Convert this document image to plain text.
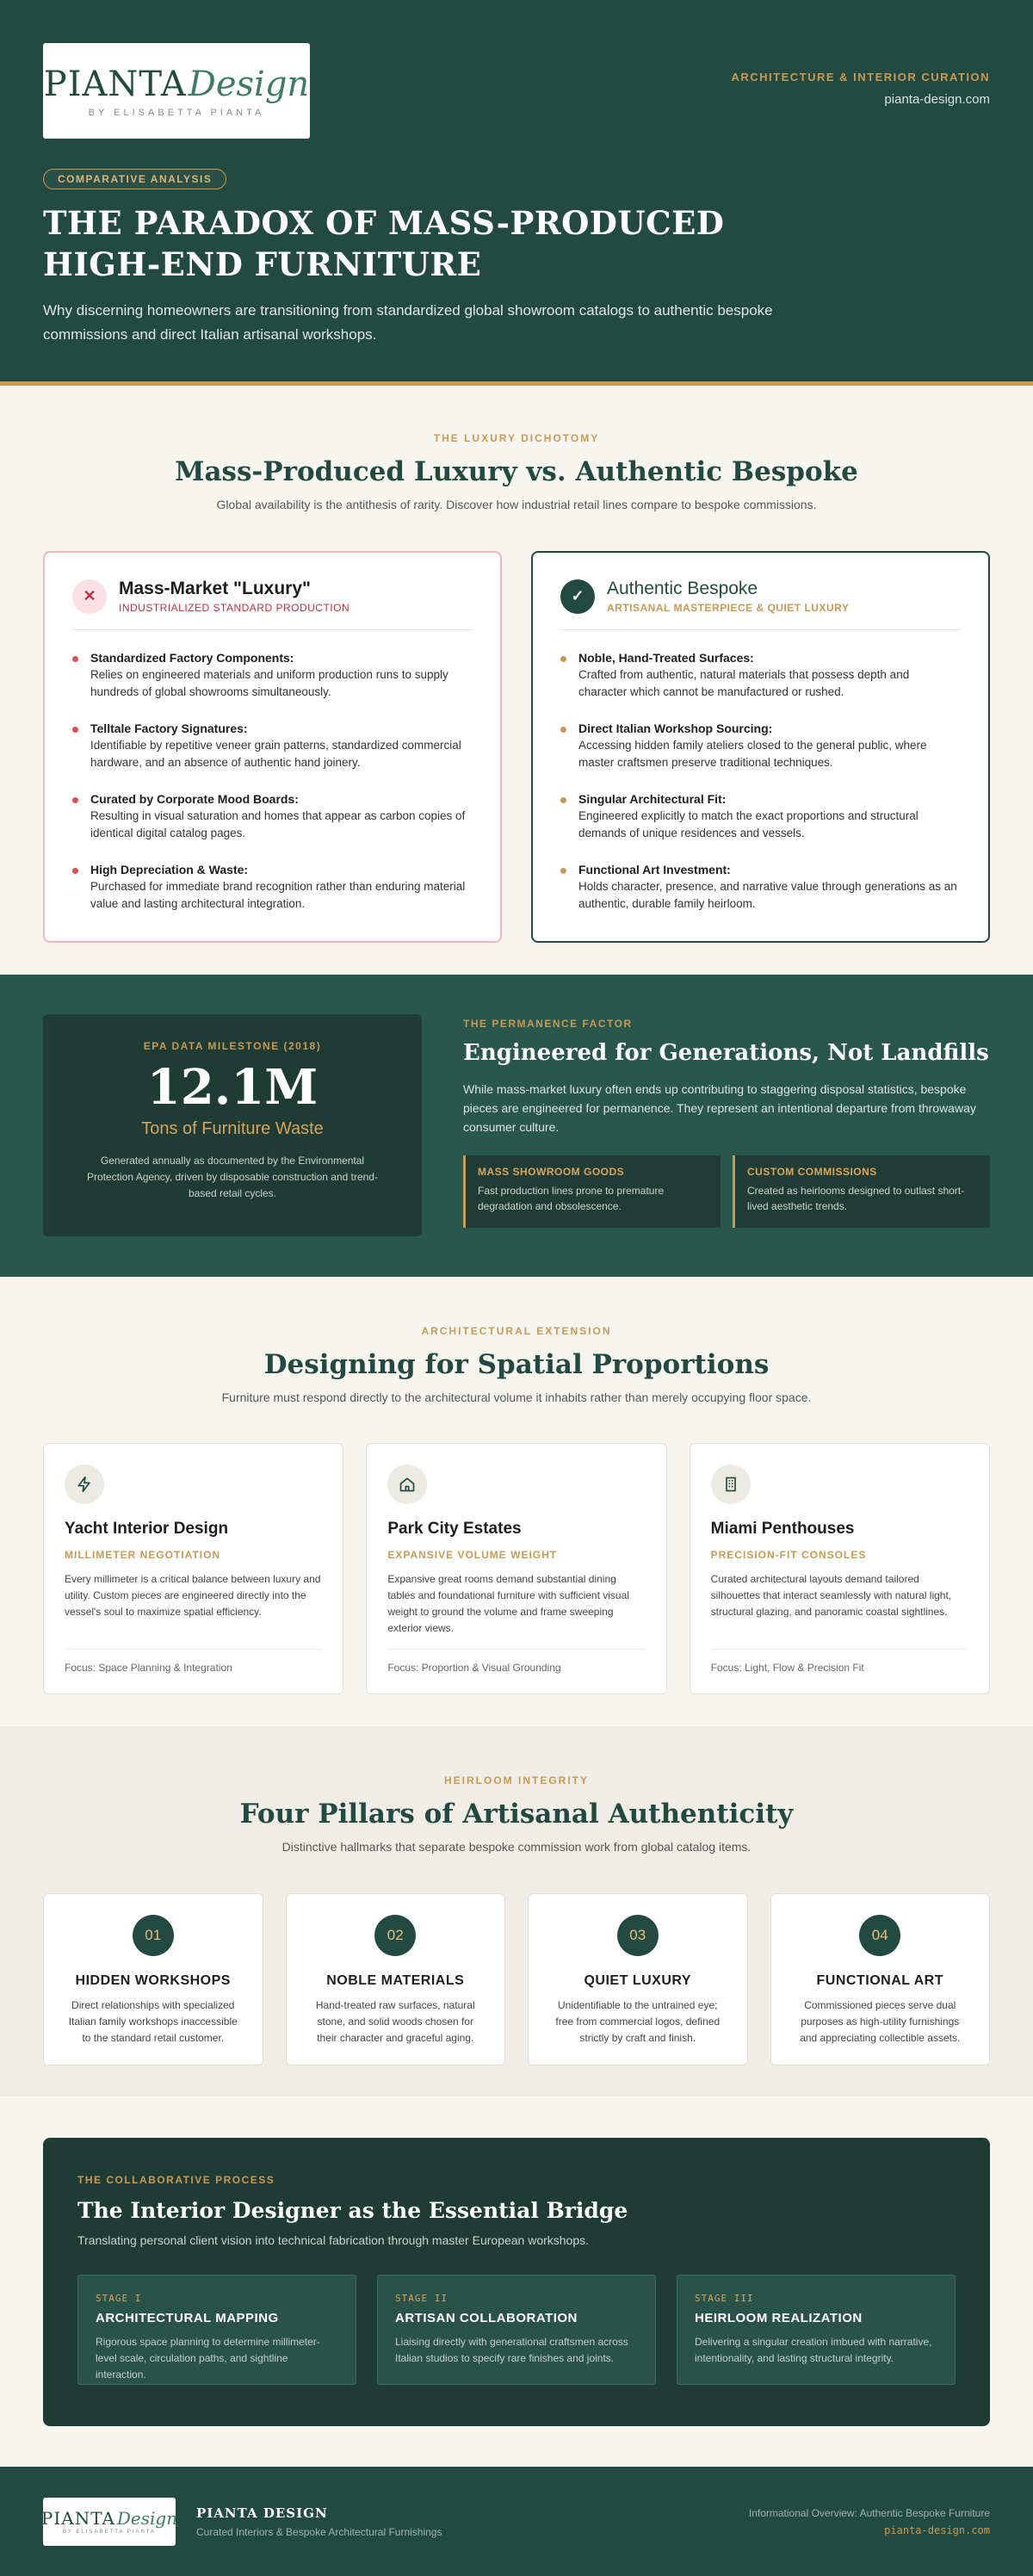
PIANTA Design
BY ELISABETTA PIANTA
ARCHITECTURE & INTERIOR CURATION
pianta-design.com
COMPARATIVE ANALYSIS
THE PARADOX OF MASS-PRODUCED HIGH-END FURNITURE

Why discerning homeowners are transitioning from standardized global showroom catalogs to authentic bespoke commissions and direct Italian artisanal workshops.

THE LUXURY DICHOTOMY
Mass-Produced Luxury vs. Authentic Bespoke

Global availability is the antithesis of rarity. Discover how industrial retail lines compare to bespoke commissions.

✕	Mass-Market "Luxury"
INDUSTRIALIZED STANDARD PRODUCTION
Standardized Factory Components:
Relies on engineered materials and uniform production runs to supply hundreds of global showrooms simultaneously.
Telltale Factory Signatures:
Identifiable by repetitive veneer grain patterns, standardized commercial hardware, and an absence of authentic hand joinery.
Curated by Corporate Mood Boards:
Resulting in visual saturation and homes that appear as carbon copies of identical digital catalog pages.
High Depreciation & Waste:
Purchased for immediate brand recognition rather than enduring material value and lasting architectural integration.
✓	Authentic Bespoke
ARTISANAL MASTERPIECE & QUIET LUXURY
Noble, Hand-Treated Surfaces:
Crafted from authentic, natural materials that possess depth and character which cannot be manufactured or rushed.
Direct Italian Workshop Sourcing:
Accessing hidden family ateliers closed to the general public, where master craftsmen preserve traditional techniques.
Singular Architectural Fit:
Engineered explicitly to match the exact proportions and structural demands of unique residences and vessels.
Functional Art Investment:
Holds character, presence, and narrative value through generations as an authentic, durable family heirloom.
EPA DATA MILESTONE (2018)
12.1M
Tons of Furniture Waste
Generated annually as documented by the Environmental Protection Agency, driven by disposable construction and trend-based retail cycles.
THE PERMANENCE FACTOR
Engineered for Generations, Not Landfills

While mass-market luxury often ends up contributing to staggering disposal statistics, bespoke pieces are engineered for permanence. They represent an intentional departure from throwaway consumer culture.

MASS SHOWROOM GOODS
Fast production lines prone to premature degradation and obsolescence.
CUSTOM COMMISSIONS
Created as heirlooms designed to outlast short-lived aesthetic trends.
ARCHITECTURAL EXTENSION
Designing for Spatial Proportions

Furniture must respond directly to the architectural volume it inhabits rather than merely occupying floor space.

Yacht Interior Design
MILLIMETER NEGOTIATION
Every millimeter is a critical balance between luxury and utility. Custom pieces are engineered directly into the vessel's soul to maximize spatial efficiency.
Focus: Space Planning & Integration
Park City Estates
EXPANSIVE VOLUME WEIGHT
Expansive great rooms demand substantial dining tables and foundational furniture with sufficient visual weight to ground the volume and frame sweeping exterior views.
Focus: Proportion & Visual Grounding
Miami Penthouses
PRECISION-FIT CONSOLES
Curated architectural layouts demand tailored silhouettes that interact seamlessly with natural light, structural glazing, and panoramic coastal sightlines.
Focus: Light, Flow & Precision Fit
HEIRLOOM INTEGRITY
Four Pillars of Artisanal Authenticity

Distinctive hallmarks that separate bespoke commission work from global catalog items.

01
HIDDEN WORKSHOPS
Direct relationships with specialized Italian family workshops inaccessible to the standard retail customer.
02
NOBLE MATERIALS
Hand-treated raw surfaces, natural stone, and solid woods chosen for their character and graceful aging.
03
QUIET LUXURY
Unidentifiable to the untrained eye; free from commercial logos, defined strictly by craft and finish.
04
FUNCTIONAL ART
Commissioned pieces serve dual purposes as high-utility furnishings and appreciating collectible assets.
THE COLLABORATIVE PROCESS
The Interior Designer as the Essential Bridge

Translating personal client vision into technical fabrication through master European workshops.

STAGE I
ARCHITECTURAL MAPPING
Rigorous space planning to determine millimeter-level scale, circulation paths, and sightline interaction.
STAGE II
ARTISAN COLLABORATION
Liaising directly with generational craftsmen across Italian studios to specify rare finishes and joints.
STAGE III
HEIRLOOM REALIZATION
Delivering a singular creation imbued with narrative, intentionality, and lasting structural integrity.
PIANTA Design
BY ELISABETTA PIANTA
PIANTA DESIGN
Curated Interiors & Bespoke Architectural Furnishings
Informational Overview: Authentic Bespoke Furniture
pianta-design.com
